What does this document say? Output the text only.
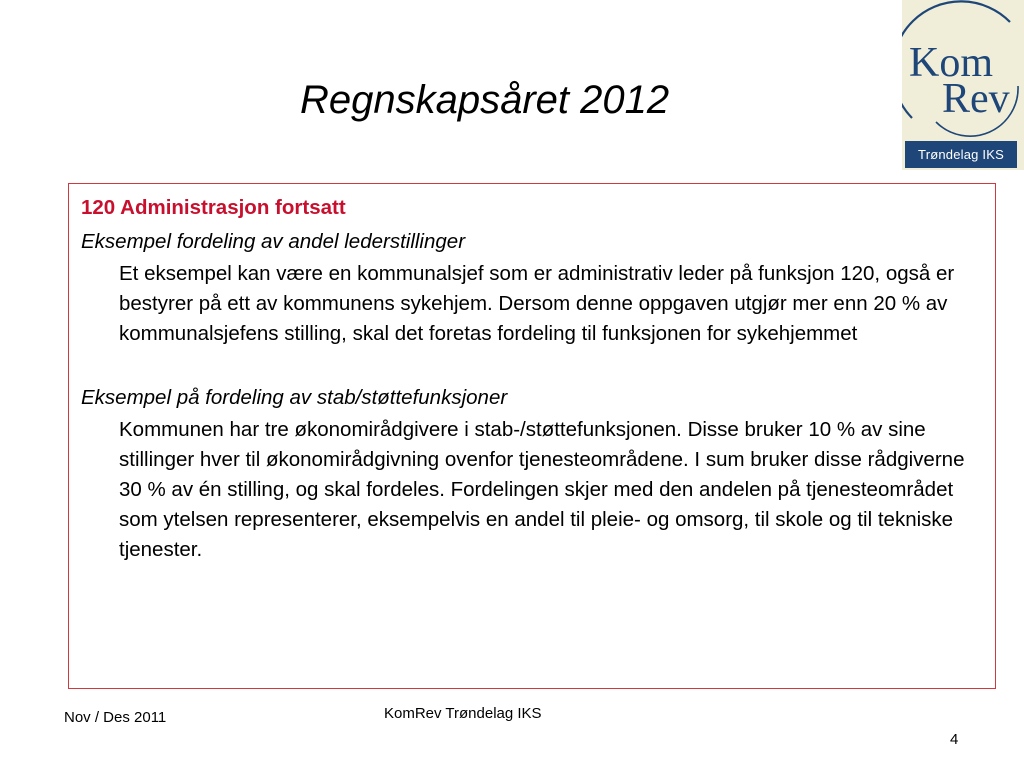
Regnskapsåret 2012
Kom
Rev
Trøndelag IKS
120 Administrasjon fortsatt
Eksempel fordeling av andel lederstillinger
Et eksempel kan være en kommunalsjef som er administrativ leder på funksjon 120, også er bestyrer på ett av kommunens sykehjem. Dersom denne oppgaven utgjør mer enn 20 % av kommunalsjefens stilling, skal det foretas fordeling til funksjonen for sykehjemmet
Eksempel på fordeling av stab/støttefunksjoner
Kommunen har tre økonomirådgivere i stab-/støttefunksjonen. Disse bruker 10 % av sine stillinger hver til økonomirådgivning ovenfor tjenesteområdene. I sum bruker disse rådgiverne 30 % av én stilling, og skal fordeles. Fordelingen skjer med den andelen på tjenesteområdet som ytelsen representerer, eksempelvis en andel til pleie- og omsorg, til skole og til tekniske tjenester.
Nov / Des 2011	KomRev Trøndelag IKS
4
